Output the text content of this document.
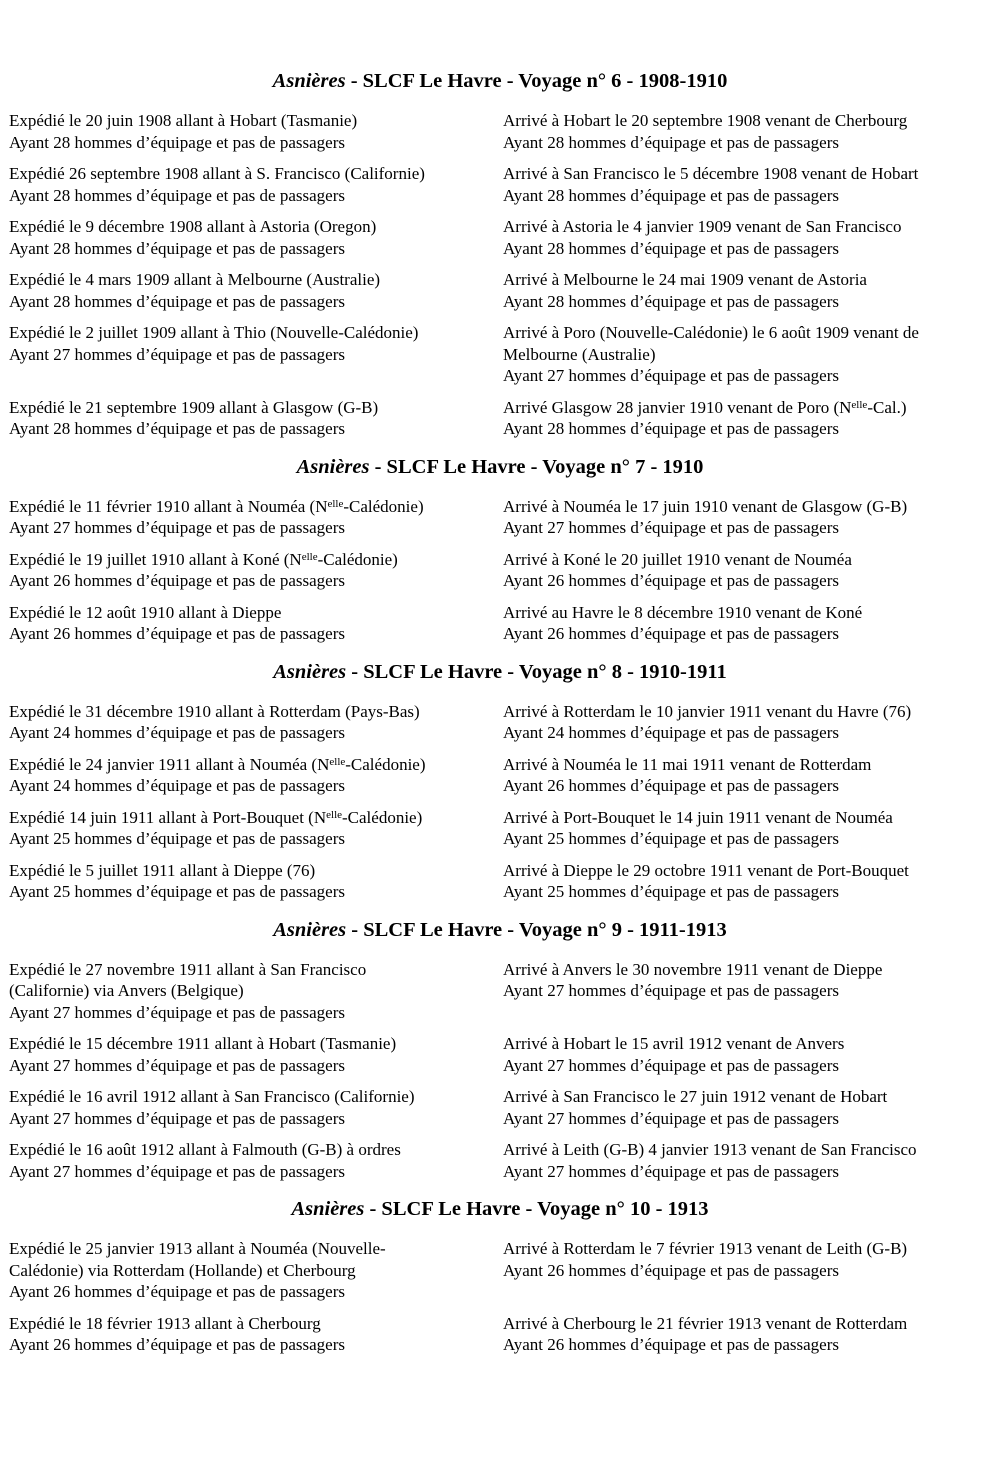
Asnières - SLCF Le Havre - Voyage n° 6 - 1908-1910
Expédié le 20 juin 1908 allant à Hobart (Tasmanie)
Ayant 28 hommes d’équipage et pas de passagers
Arrivé à Hobart le 20 septembre 1908 venant de Cherbourg
Ayant 28 hommes d’équipage et pas de passagers
Expédié 26 septembre 1908 allant à S. Francisco (Californie)
Ayant 28 hommes d’équipage et pas de passagers
Arrivé à San Francisco le 5 décembre 1908 venant de Hobart
Ayant 28 hommes d’équipage et pas de passagers
Expédié le 9 décembre 1908 allant à Astoria (Oregon)
Ayant 28 hommes d’équipage et pas de passagers
Arrivé à Astoria le 4 janvier 1909 venant de San Francisco
Ayant 28 hommes d’équipage et pas de passagers
Expédié le 4 mars 1909 allant à Melbourne (Australie)
Ayant 28 hommes d’équipage et pas de passagers
Arrivé à Melbourne le 24 mai 1909 venant de Astoria
Ayant 28 hommes d’équipage et pas de passagers
Expédié le 2 juillet 1909 allant à Thio (Nouvelle-Calédonie)
Ayant 27 hommes d’équipage et pas de passagers
Arrivé à Poro (Nouvelle-Calédonie) le 6 août 1909 venant de
Melbourne (Australie)
Ayant 27 hommes d’équipage et pas de passagers
Expédié le 21 septembre 1909 allant à Glasgow (G-B)
Ayant 28 hommes d’équipage et pas de passagers
Arrivé Glasgow 28 janvier 1910 venant de Poro $(N^{elle}-Cal.)$
Ayant 28 hommes d’équipage et pas de passagers
Asnières - SLCF Le Havre - Voyage n° 7 - 1910
Expédié le 11 février 1910 allant à Nouméa $(N^{elle}-Calédonie)$
Ayant 27 hommes d’équipage et pas de passagers
Arrivé à Nouméa le 17 juin 1910 venant de Glasgow (G-B)
Ayant 27 hommes d’équipage et pas de passagers
Expédié le 19 juillet 1910 allant à Koné $(N^{elle}-Calédonie)$
Ayant 26 hommes d’équipage et pas de passagers
Arrivé à Koné le 20 juillet 1910 venant de Nouméa
Ayant 26 hommes d’équipage et pas de passagers
Expédié le 12 août 1910 allant à Dieppe
Ayant 26 hommes d’équipage et pas de passagers
Arrivé au Havre le 8 décembre 1910 venant de Koné
Ayant 26 hommes d’équipage et pas de passagers
Asnières - SLCF Le Havre - Voyage n° 8 - 1910-1911
Expédié le 31 décembre 1910 allant à Rotterdam (Pays-Bas)
Ayant 24 hommes d’équipage et pas de passagers
Arrivé à Rotterdam le 10 janvier 1911 venant du Havre (76)
Ayant 24 hommes d’équipage et pas de passagers
Expédié le 24 janvier 1911 allant à Nouméa $(N^{elle}-Calédonie)$
Ayant 24 hommes d’équipage et pas de passagers
Arrivé à Nouméa le 11 mai 1911 venant de Rotterdam
Ayant 26 hommes d’équipage et pas de passagers
Expédié 14 juin 1911 allant à Port-Bouquet $(N^{elle}-Calédonie)$
Ayant 25 hommes d’équipage et pas de passagers
Arrivé à Port-Bouquet le 14 juin 1911 venant de Nouméa
Ayant 25 hommes d’équipage et pas de passagers
Expédié le 5 juillet 1911 allant à Dieppe (76)
Ayant 25 hommes d’équipage et pas de passagers
Arrivé à Dieppe le 29 octobre 1911 venant de Port-Bouquet
Ayant 25 hommes d’équipage et pas de passagers
Asnières - SLCF Le Havre - Voyage n° 9 - 1911-1913
Expédié le 27 novembre 1911 allant à San Francisco
(Californie) via Anvers (Belgique)
Ayant 27 hommes d’équipage et pas de passagers
Arrivé à Anvers le 30 novembre 1911 venant de Dieppe
Ayant 27 hommes d’équipage et pas de passagers
Expédié le 15 décembre 1911 allant à Hobart (Tasmanie)
Ayant 27 hommes d’équipage et pas de passagers
Arrivé à Hobart le 15 avril 1912 venant de Anvers
Ayant 27 hommes d’équipage et pas de passagers
Expédié le 16 avril 1912 allant à San Francisco (Californie)
Ayant 27 hommes d’équipage et pas de passagers
Arrivé à San Francisco le 27 juin 1912 venant de Hobart
Ayant 27 hommes d’équipage et pas de passagers
Expédié le 16 août 1912 allant à Falmouth (G-B) à ordres
Ayant 27 hommes d’équipage et pas de passagers
Arrivé à Leith (G-B) 4 janvier 1913 venant de San Francisco
Ayant 27 hommes d’équipage et pas de passagers
Asnières - SLCF Le Havre - Voyage n° 10 - 1913
Expédié le 25 janvier 1913 allant à Nouméa (Nouvelle-
Calédonie) via Rotterdam (Hollande) et Cherbourg
Ayant 26 hommes d’équipage et pas de passagers
Arrivé à Rotterdam le 7 février 1913 venant de Leith (G-B)
Ayant 26 hommes d’équipage et pas de passagers
Expédié le 18 février 1913 allant à Cherbourg
Ayant 26 hommes d’équipage et pas de passagers
Arrivé à Cherbourg le 21 février 1913 venant de Rotterdam
Ayant 26 hommes d’équipage et pas de passagers
